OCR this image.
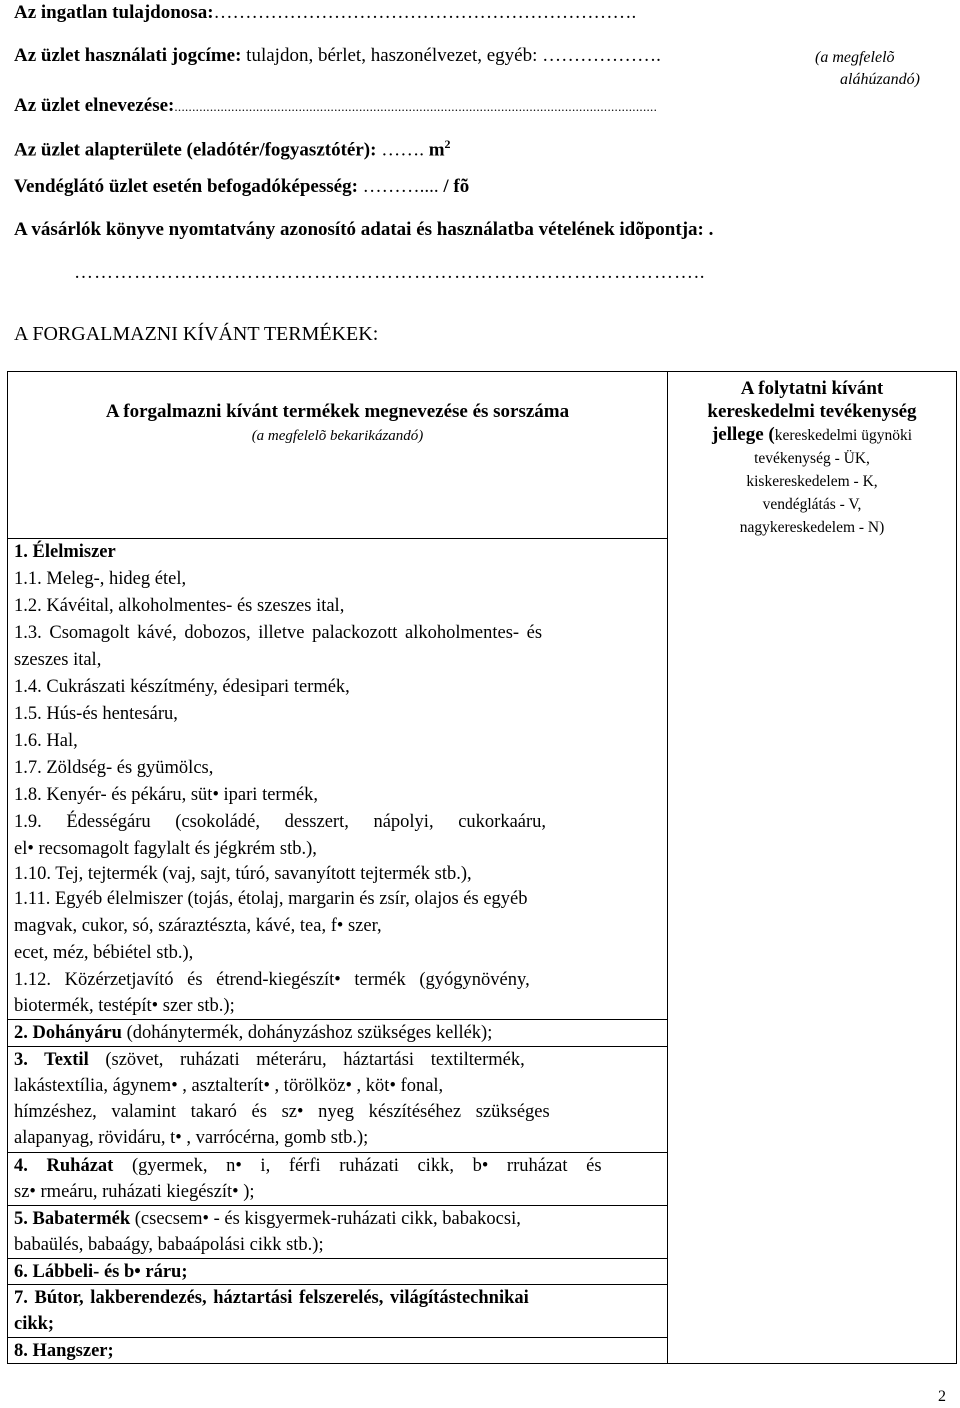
Az ingatlan tulajdonosa:………………………………………………………….
Az üzlet használati jogcíme: tulajdon, bérlet, haszonélvezet, egyéb: ……………….	(a megfelelõ
aláhúzandó)
Az üzlet elnevezése:........................................................................................................................................
Az üzlet alapterülete (eladótér/fogyasztótér): ……. $m^2$
Vendéglátó üzlet esetén befogadóképesség: ……….... / fõ
A vásárlók könyve nyomtatvány azonosító adatai és használatba vételének idõpontja: .
…………………………………………………………………………………..
A FORGALMAZNI KÍVÁNT TERMÉKEK:
A forgalmazni kívánt termékek megnevezése és sorszáma
(a megfelelõ bekarikázandó)
A folytatni kívánt
kereskedelmi tevékenység
jellege (kereskedelmi ügynöki
tevékenység - ÜK,
kiskereskedelem - K,
vendéglátás - V,
nagykereskedelem - N)
1. Élelmiszer
1.1. Meleg-, hideg étel,
1.2. Kávéital, alkoholmentes- és szeszes ital,
1.3. Csomagolt kávé, dobozos, illetve palackozott alkoholmentes- és
szeszes ital,
1.4. Cukrászati készítmény, édesipari termék,
1.5. Hús-és hentesáru,
1.6. Hal,
1.7. Zöldség- és gyümölcs,
1.8. Kenyér- és pékáru, süt• ipari termék,
1.9. Édességáru (csokoládé, desszert, nápolyi, cukorkaáru,
el• recsomagolt fagylalt és jégkrém stb.),
1.10. Tej, tejtermék (vaj, sajt, túró, savanyított tejtermék stb.),
1.11. Egyéb élelmiszer (tojás, étolaj, margarin és zsír, olajos és egyéb
magvak, cukor, só, száraztészta, kávé, tea, f• szer,
ecet, méz, bébiétel stb.),
1.12. Közérzetjavító és étrend-kiegészít• termék (gyógynövény,
biotermék, testépít• szer stb.);
2. Dohányáru (dohánytermék, dohányzáshoz szükséges kellék);
3. Textil (szövet, ruházati méteráru, háztartási textiltermék,
lakástextília, ágynem• , asztalterít• , törölköz• , köt• fonal,
hímzéshez, valamint takaró és sz• nyeg készítéséhez szükséges
alapanyag, rövidáru, t• , varrócérna, gomb stb.);
4. Ruházat (gyermek, n• i, férfi ruházati cikk, b• rruházat és
sz• rmeáru, ruházati kiegészít• );
5. Babatermék (csecsem• - és kisgyermek-ruházati cikk, babakocsi,
babaülés, babaágy, babaápolási cikk stb.);
6. Lábbeli- és b• ráru;
7. Bútor, lakberendezés, háztartási felszerelés, világítástechnikai
cikk;
8. Hangszer;
2
